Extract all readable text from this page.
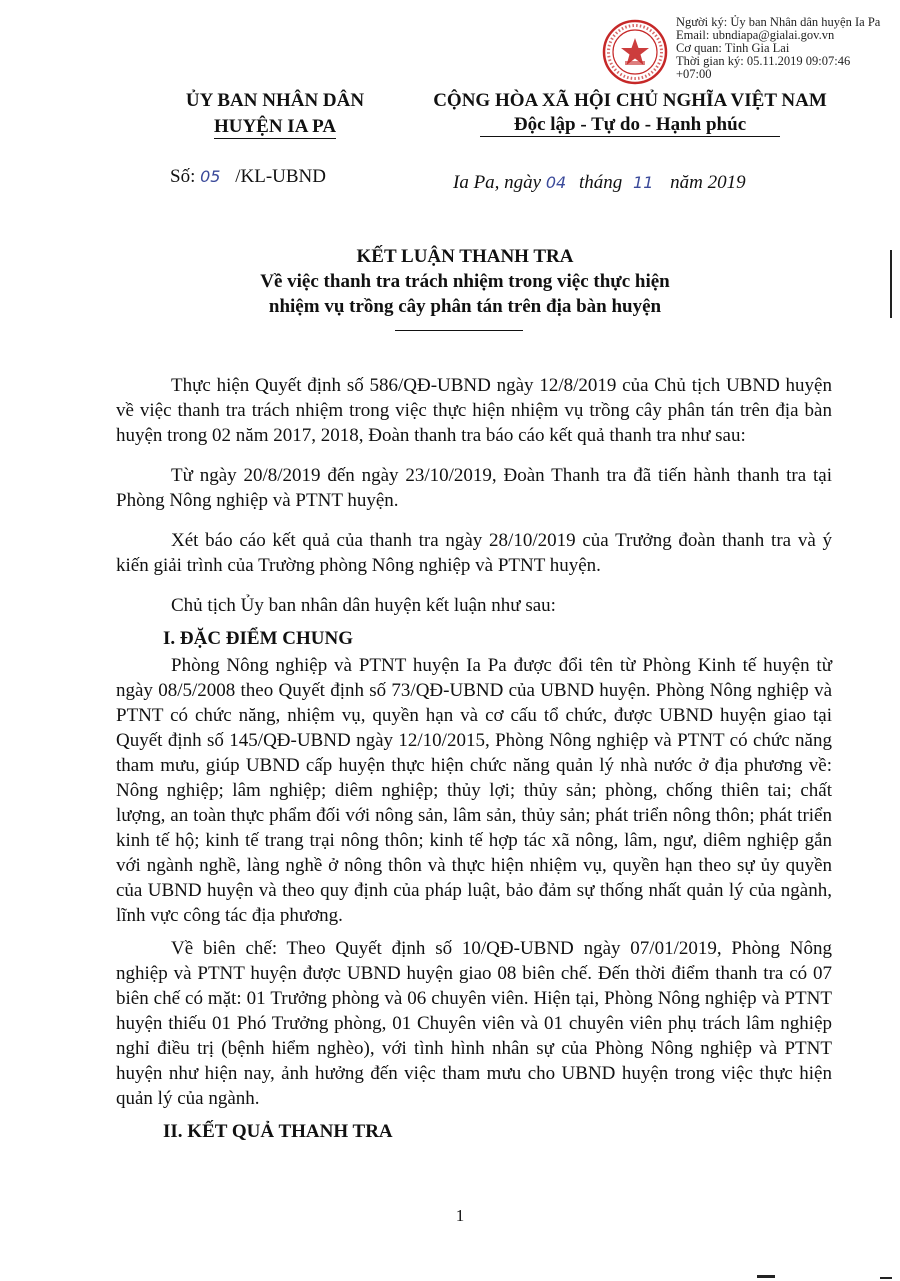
Người ký: Ủy ban Nhân dân huyện Ia Pa
Email: ubndiapa@gialai.gov.vn
Cơ quan: Tỉnh Gia Lai
Thời gian ký: 05.11.2019 09:07:46
+07:00
ỦY BAN NHÂN DÂN
HUYỆN IA PA
CỘNG HÒA XÃ HỘI CHỦ NGHĨA VIỆT NAM
Độc lập - Tự do - Hạnh phúc
Số: 05 /KL-UBND	Ia Pa, ngày 04 tháng 11 năm 2019
KẾT LUẬN THANH TRA
Về việc thanh tra trách nhiệm trong việc thực hiện
nhiệm vụ trồng cây phân tán trên địa bàn huyện

Thực hiện Quyết định số 586/QĐ-UBND ngày 12/8/2019 của Chủ tịch UBND huyện về việc thanh tra trách nhiệm trong việc thực hiện nhiệm vụ trồng cây phân tán trên địa bàn huyện trong 02 năm 2017, 2018, Đoàn thanh tra báo cáo kết quả thanh tra như sau:

Từ ngày 20/8/2019 đến ngày 23/10/2019, Đoàn Thanh tra đã tiến hành thanh tra tại Phòng Nông nghiệp và PTNT huyện.

Xét báo cáo kết quả của thanh tra ngày 28/10/2019 của Trưởng đoàn thanh tra và ý kiến giải trình của Trường phòng Nông nghiệp và PTNT huyện.

Chủ tịch Ủy ban nhân dân huyện kết luận như sau:

I. ĐẶC ĐIỂM CHUNG

Phòng Nông nghiệp và PTNT huyện Ia Pa được đổi tên từ Phòng Kinh tế huyện từ ngày 08/5/2008 theo Quyết định số 73/QĐ-UBND của UBND huyện. Phòng Nông nghiệp và PTNT có chức năng, nhiệm vụ, quyền hạn và cơ cấu tổ chức, được UBND huyện giao tại Quyết định số 145/QĐ-UBND ngày 12/10/2015, Phòng Nông nghiệp và PTNT có chức năng tham mưu, giúp UBND cấp huyện thực hiện chức năng quản lý nhà nước ở địa phương về: Nông nghiệp; lâm nghiệp; diêm nghiệp; thủy lợi; thủy sản; phòng, chống thiên tai; chất lượng, an toàn thực phẩm đối với nông sản, lâm sản, thủy sản; phát triển nông thôn; phát triển kinh tế hộ; kinh tế trang trại nông thôn; kinh tế hợp tác xã nông, lâm, ngư, diêm nghiệp gắn với ngành nghề, làng nghề ở nông thôn và thực hiện nhiệm vụ, quyền hạn theo sự ủy quyền của UBND huyện và theo quy định của pháp luật, bảo đảm sự thống nhất quản lý của ngành, lĩnh vực công tác địa phương.

Về biên chế: Theo Quyết định số 10/QĐ-UBND ngày 07/01/2019, Phòng Nông nghiệp và PTNT huyện được UBND huyện giao 08 biên chế. Đến thời điểm thanh tra có 07 biên chế có mặt: 01 Trưởng phòng và 06 chuyên viên. Hiện tại, Phòng Nông nghiệp và PTNT huyện thiếu 01 Phó Trưởng phòng, 01 Chuyên viên và 01 chuyên viên phụ trách lâm nghiệp nghỉ điều trị (bệnh hiểm nghèo), với tình hình nhân sự của Phòng Nông nghiệp và PTNT huyện như hiện nay, ảnh hưởng đến việc tham mưu cho UBND huyện trong việc thực hiện quản lý của ngành.

II. KẾT QUẢ THANH TRA
1
